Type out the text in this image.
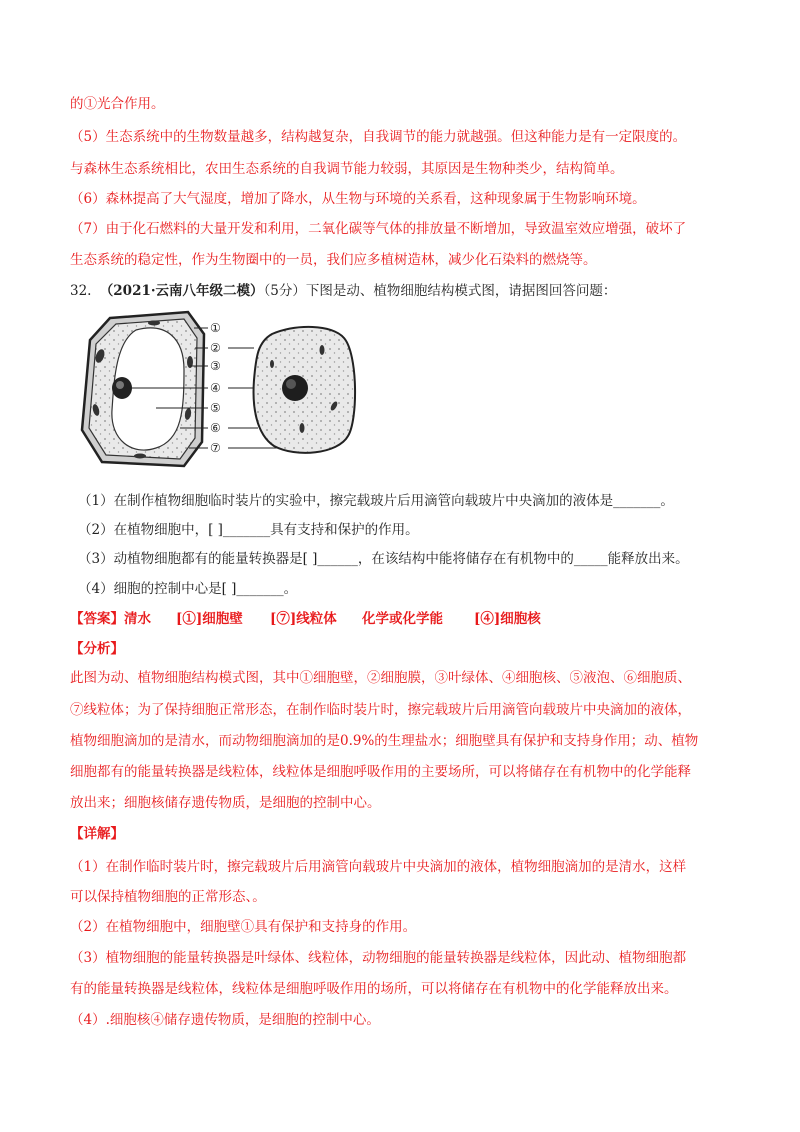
的①光合作用。
（5）生态系统中的生物数量越多，结构越复杂，自我调节的能力就越强。但这种能力是有一定限度的。
与森林生态系统相比，农田生态系统的自我调节能力较弱，其原因是生物种类少，结构简单。
（6）森林提高了大气湿度，增加了降水，从生物与环境的关系看，这种现象属于生物影响环境。
（7）由于化石燃料的大量开发和利用，二氧化碳等气体的排放量不断增加，导致温室效应增强，破坏了
生态系统的稳定性，作为生物圈中的一员，我们应多植树造林，减少化石染料的燃烧等。
32. （2021·云南八年级二模）（5分）下图是动、植物细胞结构模式图，请据图回答问题：
①
②
③
④
⑤
⑥
⑦
（1）在制作植物细胞临时装片的实验中，擦完载玻片后用滴管向载玻片中央滴加的液体是_______。
（2）在植物细胞中，[ ]_______具有支持和保护的作用。
（3）动植物细胞都有的能量转换器是[ ]______，在该结构中能将储存在有机物中的_____能释放出来。
（4）细胞的控制中心是[ ]_______。
【答案】清水 [①]细胞壁 [⑦]线粒体 化学或化学能 [④]细胞核
【分析】
此图为动、植物细胞结构模式图，其中①细胞壁，②细胞膜，③叶绿体、④细胞核、⑤液泡、⑥细胞质、
⑦线粒体；为了保持细胞正常形态，在制作临时装片时，擦完载玻片后用滴管向载玻片中央滴加的液体，
植物细胞滴加的是清水，而动物细胞滴加的是0.9%的生理盐水；细胞壁具有保护和支持身作用；动、植物
细胞都有的能量转换器是线粒体，线粒体是细胞呼吸作用的主要场所，可以将储存在有机物中的化学能释
放出来；细胞核储存遗传物质，是细胞的控制中心。
【详解】
（1）在制作临时装片时，擦完载玻片后用滴管向载玻片中央滴加的液体，植物细胞滴加的是清水，这样
可以保持植物细胞的正常形态、。
（2）在植物细胞中，细胞壁①具有保护和支持身的作用。
（3）植物细胞的能量转换器是叶绿体、线粒体，动物细胞的能量转换器是线粒体，因此动、植物细胞都
有的能量转换器是线粒体，线粒体是细胞呼吸作用的场所，可以将储存在有机物中的化学能释放出来。
（4）.细胞核④储存遗传物质，是细胞的控制中心。
